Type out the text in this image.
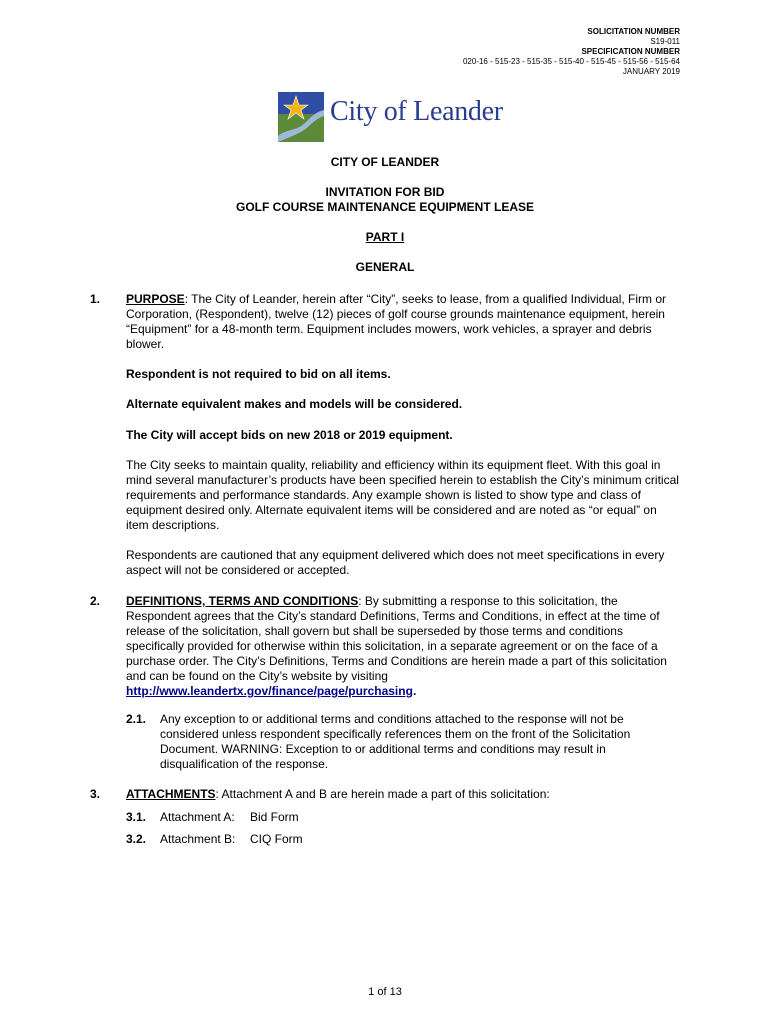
SOLICITATION NUMBER
S19-011
SPECIFICATION NUMBER
020-16 - 515-23 - 515-35 - 515-40 - 515-45 - 515-56 - 515-64
JANUARY 2019
City of Leander
CITY OF LEANDER
INVITATION FOR BID
GOLF COURSE MAINTENANCE EQUIPMENT LEASE
PART I
GENERAL
1. PURPOSE: The City of Leander, herein after “City”, seeks to lease, from a qualified Individual, Firm or Corporation, (Respondent), twelve (12) pieces of golf course grounds maintenance equipment, herein “Equipment” for a 48-month term. Equipment includes mowers, work vehicles, a sprayer and debris blower.
Respondent is not required to bid on all items.
Alternate equivalent makes and models will be considered.
The City will accept bids on new 2018 or 2019 equipment.
The City seeks to maintain quality, reliability and efficiency within its equipment fleet. With this goal in mind several manufacturer’s products have been specified herein to establish the City’s minimum critical requirements and performance standards. Any example shown is listed to show type and class of equipment desired only. Alternate equivalent items will be considered and are noted as “or equal” on item descriptions.
Respondents are cautioned that any equipment delivered which does not meet specifications in every aspect will not be considered or accepted.
2. DEFINITIONS, TERMS AND CONDITIONS: By submitting a response to this solicitation, the Respondent agrees that the City’s standard Definitions, Terms and Conditions, in effect at the time of release of the solicitation, shall govern but shall be superseded by those terms and conditions specifically provided for otherwise within this solicitation, in a separate agreement or on the face of a purchase order. The City’s Definitions, Terms and Conditions are herein made a part of this solicitation and can be found on the City’s website by visiting http://www.leandertx.gov/finance/page/purchasing.
2.1. Any exception to or additional terms and conditions attached to the response will not be considered unless respondent specifically references them on the front of the Solicitation Document. WARNING: Exception to or additional terms and conditions may result in disqualification of the response.
3. ATTACHMENTS: Attachment A and B are herein made a part of this solicitation:
3.1. Attachment A: Bid Form
3.2. Attachment B: CIQ Form
1 of 13
